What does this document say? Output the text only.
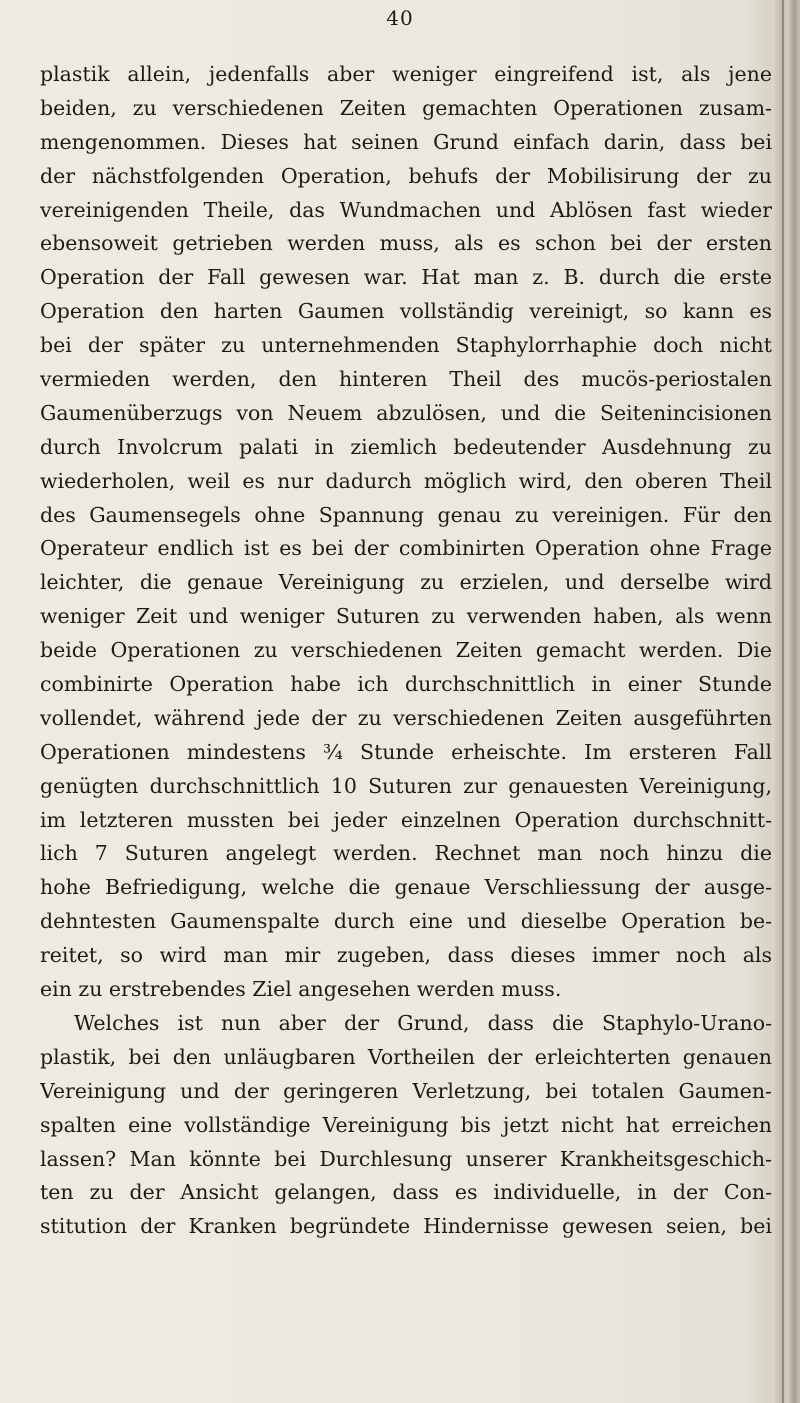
40
plastik allein, jedenfalls aber weniger eingreifend ist, als jene
beiden, zu verschiedenen Zeiten gemachten Operationen zusam-
mengenommen. Dieses hat seinen Grund einfach darin, dass bei
der nächstfolgenden Operation, behufs der Mobilisirung der zu
vereinigenden Theile, das Wundmachen und Ablösen fast wieder
ebensoweit getrieben werden muss, als es schon bei der ersten
Operation der Fall gewesen war. Hat man z. B. durch die erste
Operation den harten Gaumen vollständig vereinigt, so kann es
bei der später zu unternehmenden Staphylorrhaphie doch nicht
vermieden werden, den hinteren Theil des mucös-periostalen
Gaumenüberzugs von Neuem abzulösen, und die Seitenincisionen
durch Involcrum palati in ziemlich bedeutender Ausdehnung zu
wiederholen, weil es nur dadurch möglich wird, den oberen Theil
des Gaumensegels ohne Spannung genau zu vereinigen. Für den
Operateur endlich ist es bei der combinirten Operation ohne Frage
leichter, die genaue Vereinigung zu erzielen, und derselbe wird
weniger Zeit und weniger Suturen zu verwenden haben, als wenn
beide Operationen zu verschiedenen Zeiten gemacht werden. Die
combinirte Operation habe ich durchschnittlich in einer Stunde
vollendet, während jede der zu verschiedenen Zeiten ausgeführten
Operationen mindestens ¾ Stunde erheischte. Im ersteren Fall
genügten durchschnittlich 10 Suturen zur genauesten Vereinigung,
im letzteren mussten bei jeder einzelnen Operation durchschnitt-
lich 7 Suturen angelegt werden. Rechnet man noch hinzu die
hohe Befriedigung, welche die genaue Verschliessung der ausge-
dehntesten Gaumenspalte durch eine und dieselbe Operation be-
reitet, so wird man mir zugeben, dass dieses immer noch als
ein zu erstrebendes Ziel angesehen werden muss.
Welches ist nun aber der Grund, dass die Staphylo-Urano-
plastik, bei den unläugbaren Vortheilen der erleichterten genauen
Vereinigung und der geringeren Verletzung, bei totalen Gaumen-
spalten eine vollständige Vereinigung bis jetzt nicht hat erreichen
lassen? Man könnte bei Durchlesung unserer Krankheitsgeschich-
ten zu der Ansicht gelangen, dass es individuelle, in der Con-
stitution der Kranken begründete Hindernisse gewesen seien, bei
